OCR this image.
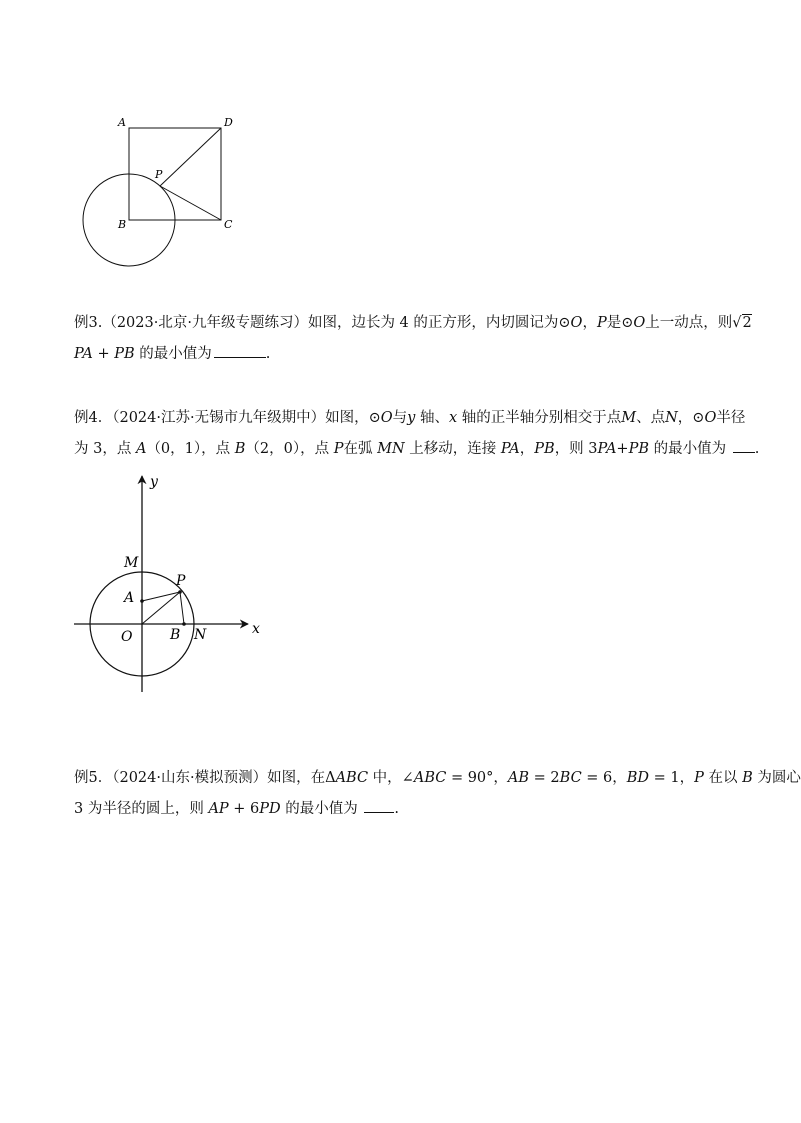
A	D
P
B	C
例3.（2023·北京·九年级专题练习）如图，边长为 4 的正方形，内切圆记为⊙O，P是⊙O上一动点，则√2
PA + PB 的最小值为	.
例4．（2024·江苏·无锡市九年级期中）如图，⊙O与y 轴、x 轴的正半轴分别相交于点M、点N，⊙O半径
为 3，点 A（0，1），点 B（2，0），点 P在弧 MN 上移动，连接 PA，PB，则 3PA+PB 的最小值为 .
y
x
M
P
A
O	B N
例5．（2024·山东·模拟预测）如图，在ΔABC 中，∠ABC = 90°，AB = 2BC = 6，BD = 1，P 在以 B 为圆心
3 为半径的圆上，则 AP + 6PD 的最小值为	.
